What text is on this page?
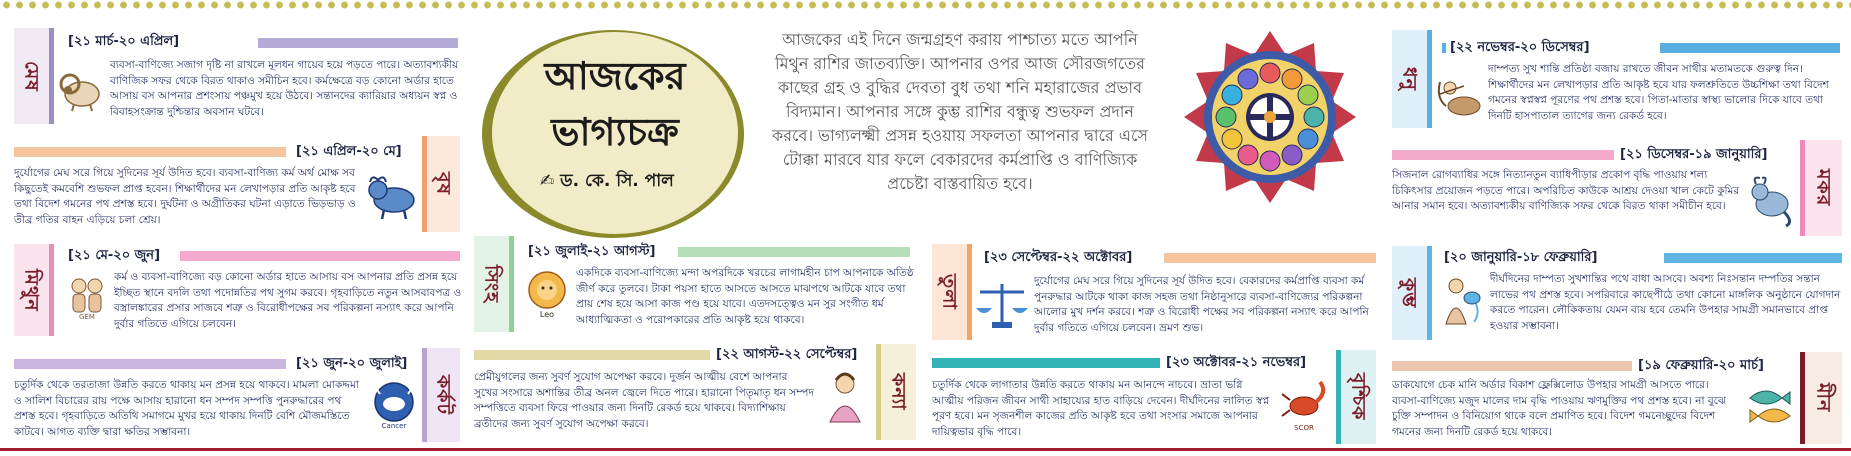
মেষ
[২১ মার্চ-২০ এপ্রিল]
ব্যবসা-বাণিজ্যে সজাগ দৃষ্টি না রাখলে মূলধন গায়েব হয়ে পড়তে পারে। অত্যাবশ্যকীয় বাণিজিক সফর থেকে বিরত থাকাও সমীচিন হবে। কর্মক্ষেত্রে বড় কোনো অর্ডার হাতে আসায় বস আপনার প্রশংসায় পঞ্চমুখ হয়ে উঠবে। সন্তানদের ক্যারিয়ার অধ্যয়ন স্বপ্ন ও বিবাহসংক্রান্ত দুশ্চিন্তার অবসান ঘটবে।
[২১ এপ্রিল-২০ মে]
বৃষ
দুর্যোগের মেঘ সরে গিয়ে সুদিনের সূর্য উদিত হবে। ব্যবসা-বাণিজ্য কর্ম অর্থ মোক্ষ সব কিছুতেই কমবেশি শুভফল প্রাপ্ত হবেন। শিক্ষার্থীদের মন লেখাপড়ার প্রতি আকৃষ্ট হবে তথা বিদেশ গমনের পথ প্রশস্ত হবে। দুর্ঘটনা ও অগ্রীতিকর ঘটনা এড়াতে ভিড়ভাড় ও তীব্র গতির বাহন এড়িয়ে চলা শ্রেয়।
মিথুন
[২১ মে-২০ জুন]
GEM
কর্ম ও ব্যবসা-বাণিজ্যে বড় কোনো অর্ডার হাতে আসায় বস আপনার প্রতি প্রসন্ন হয়ে ইচ্ছিত স্থানে বদলি তথা পদোন্নতির পথ সুগম করবে। গৃহবাড়িতে নতুন আসবাবপত্র ও বস্ত্রালঙ্কারের প্রসার সাজবে শত্রু ও বিরোধীপক্ষের সব পরিকল্পনা নস্যাৎ করে আপনি দুর্বার গতিতে এগিয়ে চলবেন।
[২১ জুন-২০ জুলাই]
কর্কট
চতুর্দিক থেকে তরতাজা উন্নতি করতে থাকায় মন প্রসন্ন হয়ে থাকবে। মামলা মোকদ্দমা ও সালিশ বিচারের রায় পক্ষে আসায় হারানো ধন সম্পদ সম্পত্তি পুনরুদ্ধারের পথ প্রশস্ত হবে। গৃহবাড়িতে অতিথি সমাগমে মুখর হয়ে থাকায় দিনটি বেশি মৌজমস্তিতে কাটবে। আগত ব্যক্তি দ্বারা ক্ষতির সম্ভাবনা।	Cancer
আজকের
ভাগ্যচক্র
✍ ড. কে. সি. পাল
আজকের এই দিনে জন্মগ্রহণ করায় পাশ্চাত্য মতে আপনি মিথুন রাশির জাতব্যক্তি। আপনার ওপর আজ সৌরজগতের কাছের গ্রহ ও বুদ্ধির দেবতা বুধ তথা শনি মহারাজের প্রভাব বিদ্যমান। আপনার সঙ্গে কুম্ভ রাশির বন্ধুত্ব শুভফল প্রদান করবে। ভাগ্যলক্ষ্মী প্রসন্ন হওয়ায় সফলতা আপনার দ্বারে এসে টোক্কা মারবে যার ফলে বেকারদের কর্মপ্রাপ্তি ও বাণিজ্যিক প্রচেষ্টা বাস্তবায়িত হবে।
সিংহ
[২১ জুলাই-২১ আগস্ট]
Leo
একদিকে ব্যবসা-বাণিজ্যে মন্দা অপরদিকে খরচের লাগামহীন চাপ আপনাকে অতিষ্ঠ জীর্ণ করে তুলবে। টাকা পয়সা হাতে আসতে আসতে মাঝপথে আটকে যাবে তথা প্রায় শেষ হয়ে আসা কাজ পণ্ড হয়ে যাবে। এতদসত্ত্বেও মন সুর সংগীত ধর্ম আধ্যাত্মিকতা ও পরোপকারের প্রতি আকৃষ্ট হয়ে থাকবে।
[২২ আগস্ট-২২ সেপ্টেম্বর]
কন্যা
প্রেমীযুগলের জন্য সুবর্ণ সুযোগ অপেক্ষা করবে। দুর্জন আত্মীয় বেশে আপনার সুখের সংসারে অশান্তির তীব্র অনল জ্বেলে দিতে পারে। হারানো পিতৃমাতৃ ধন সম্পদ সম্পত্তিতে ব্যবসা ফিরে পাওয়ার জন্য দিনটি রেকর্ড হয়ে থাকবে। বিদ্যাশিক্ষায় ব্রতীদের জন্য সুবর্ণ সুযোগ অপেক্ষা করবে।
তুলা
[২৩ সেপ্টেম্বর-২২ অক্টোবর]
দুর্যোগের মেঘ সরে গিয়ে সুদিনের সূর্য উদিত হবে। বেকারদের কর্মপ্রাপ্তি ব্যবসা কর্ম পুনরুদ্ধার আটকে থাকা কাজ সহজ তথা নিষ্ঠানুসারে ব্যবসা-বাণিজ্যের পরিকল্পনা আলোর মুখ দর্শন করবে। শত্রু ও বিরোধী পক্ষের সব পরিকল্পনা নস্যাৎ করে আপনি দুর্বার গতিতে এগিয়ে চলবেন। ভ্রমণ শুভ।
[২৩ অক্টোবর-২১ নভেম্বর]
বৃশ্চিক
চতুর্দিক থেকে লাগাতার উন্নতি করতে থাকায় মন আনন্দে নাচবে। ভ্রাতা ভগ্নি আত্মীয় পরিজন জীবন সাথী সাহায্যের হাত বাড়িয়ে দেবেন। দীর্ঘদিনের লালিত স্বপ্ন পূরণ হবে। মন সৃজনশীল কাজের প্রতি আকৃষ্ট হবে তথা সংসার সমাজে আপনার দায়িত্বভার বৃদ্ধি পাবে।	SCOR
ধনু
[২২ নভেম্বর-২০ ডিসেম্বর]
দাম্পত্য সুখ শান্তি প্রতিষ্ঠা বজায় রাখতে জীবন সাথীর মতামতকে গুরুত্ব দিন। শিক্ষার্থীদের মন লেখাপড়ার প্রতি আকৃষ্ট হবে যার ফলশ্রুতিতে উচ্চশিক্ষা তথা বিদেশ গমনের স্বপ্নস্বপ্ন পূরণের পথ প্রশস্ত হবে। পিতা-মাতার স্বাস্থ্য ভালোর দিকে যাবে তথা দিনটি হাসপাতাল ত্যাগের জন্য রেকর্ড হবে।
[২১ ডিসেম্বর-১৯ জানুয়ারি]
মকর
সিজনাল রোগব্যাধির সঙ্গে নিত্যানতুন ব্যাধিপীড়ার প্রকোপ বৃদ্ধি পাওয়ায় শল্য চিকিৎসার প্রয়োজন পড়তে পারে। অপরিচিত কাউকে আশ্রয় দেওয়া খাল কেটে কুমির আনার সমান হবে। অত্যাবশ্যকীয় বাণিজ্যিক সফর থেকে বিরত থাকা সমীচীন হবে।
কুম্ভ
[২০ জানুয়ারি-১৮ ফেব্রুয়ারি]
দীর্ঘদিনের দাম্পত্য সুখশান্তির পথে বাধা আসবে। অবশ্য নিঃসন্তান দম্পতির সন্তান লাভের পথ প্রশস্ত হবে। সপরিবারে কাছেপীঠে তথা কোনো মাঙ্গলিক অনুষ্ঠানে যোগদান করতে পারেন। লৌকিকতায় যেমন ব্যয় হবে তেমনি উপহার সামগ্রী সমানভাবে প্রাপ্ত হওয়ার সম্ভাবনা।
[১৯ ফেব্রুয়ারি-২০ মার্চ]
মীন
ডাকযোগে চেক মানি অর্ডার বিকাশ ফ্লেক্সিলোড উপহার সামগ্রী আসতে পারে। ব্যবসা-বাণিজ্যে মজুদ মালের দাম বৃদ্ধি পাওয়ায় ঋণমুক্তির পথ প্রশস্ত হবে। না বুঝে চুক্তি সম্পাদন ও বিনিয়োগ থাকে বলে প্রমাণিত হবে। বিদেশ গমনেচ্ছুদের বিদেশ গমনের জন্য দিনটি রেকর্ড হয়ে থাকবে।
